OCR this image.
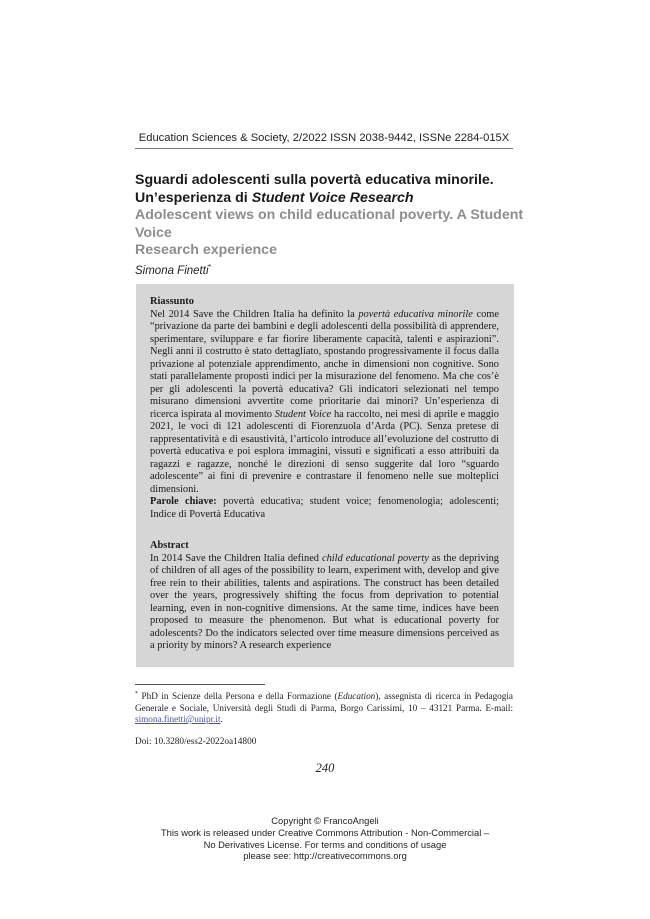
Education Sciences & Society, 2/2022 ISSN 2038-9442, ISSNe 2284-015X
Sguardi adolescenti sulla povertà educativa minorile.
Un’esperienza di Student Voice Research
Adolescent views on child educational poverty. A Student Voice
Research experience
Simona Finetti*
Riassunto

Nel 2014 Save the Children Italia ha definito la povertà educativa minorile come “privazione da parte dei bambini e degli adolescenti della possibilità di apprendere, sperimentare, sviluppare e far fiorire liberamente capacità, talenti e aspirazioni”. Negli anni il costrutto è stato dettagliato, spostando progressivamente il focus dalla privazione al potenziale apprendimento, anche in dimensioni non cognitive. Sono stati parallelamente proposti indici per la misurazione del fenomeno. Ma che cos’è per gli adolescenti la povertà educativa? Gli indicatori selezionati nel tempo misurano dimensioni avvertite come prioritarie dai minori? Un’esperienza di ricerca ispirata al movimento Student Voice ha raccolto, nei mesi di aprile e maggio 2021, le voci di 121 adolescenti di Fiorenzuola d’Arda (PC). Senza pretese di rappresentatività e di esaustività, l’articolo introduce all’evoluzione del costrutto di povertà educativa e poi esplora immagini, vissuti e significati a esso attribuiti da ragazzi e ragazze, nonché le direzioni di senso suggerite dal loro “sguardo adolescente” ai fini di prevenire e contrastare il fenomeno nelle sue molteplici dimensioni.

Parole chiave: povertà educativa; student voice; fenomenologia; adolescenti; Indice di Povertà Educativa

Abstract

In 2014 Save the Children Italia defined child educational poverty as the depriving of children of all ages of the possibility to learn, experiment with, develop and give free rein to their abilities, talents and aspirations. The construct has been detailed over the years, progressively shifting the focus from deprivation to potential learning, even in non-cognitive dimensions. At the same time, indices have been proposed to measure the phenomenon. But what is educational poverty for adolescents? Do the indicators selected over time measure dimensions perceived as a priority by minors? A research experience

* PhD in Scienze della Persona e della Formazione (Education), assegnista di ricerca in Pedagogia Generale e Sociale, Università degli Studi di Parma, Borgo Carissimi, 10 – 43121 Parma. E-mail: simona.finetti@unipr.it.
Doi: 10.3280/ess2-2022oa14800
240
Copyright © FrancoAngeli
This work is released under Creative Commons Attribution - Non-Commercial –
No Derivatives License. For terms and conditions of usage
please see: http://creativecommons.org
